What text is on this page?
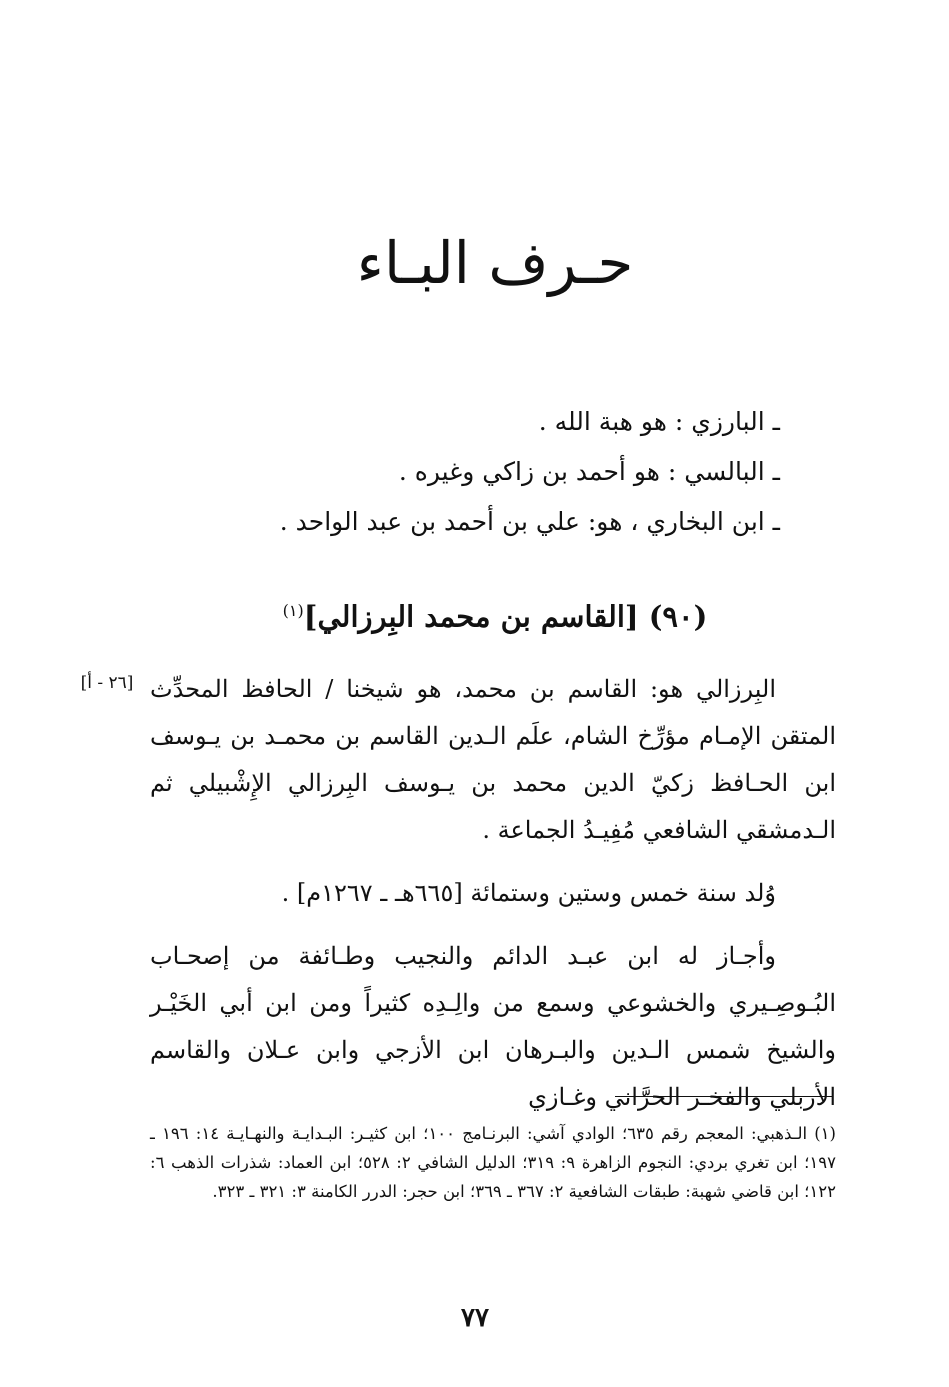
حـرف البـاء
ـ البارزي : هو هبة الله .
ـ البالسي : هو أحمد بن زاكي وغيره .
ـ ابن البخاري ، هو: علي بن أحمد بن عبد الواحد .
(٩٠) [القاسم بن محمد البِرزالي]$^{(١)}$
[٢٦ - أ] البِرزالي هو: القاسم بن محمد، هو شيخنا / الحافظ المحدِّث المتقن الإمـام مؤرِّخ الشام، علَم الـدين القاسم بن محمـد بن يـوسف ابن الحـافظ زكيّ الدين محمد بن يـوسف البِرزالي الإِشْبيلي ثم الـدمشقي الشافعي مُفِيـدُ الجماعة .

وُلد سنة خمس وستين وستمائة [٦٦٥هـ ـ ١٢٦٧م] .

وأجـاز له ابن عبـد الدائم والنجيب وطـائفة من إصحـاب البُـوصِـيري والخشوعي وسمع من والِـدِه كثيراً ومن ابن أبي الخَيْـر والشيخ شمس الـدين والبـرهان ابن الأزجي وابن عـلان والقاسم الأربلي والفخـر الحرَّاني وغـازي

(١) الـذهبي: المعجم رقم ٦٣٥؛ الوادي آشي: البرنـامج ١٠٠؛ ابن كثيـر: البـدايـة والنهـايـة ١٤: ١٩٦ ـ ١٩٧؛ ابن تغري بردي: النجوم الزاهرة ٩: ٣١٩؛ الدليل الشافي ٢: ٥٢٨؛ ابن العماد: شذرات الذهب ٦: ١٢٢؛ ابن قاضي شهبة: طبقات الشافعية ٢: ٣٦٧ ـ ٣٦٩؛ ابن حجر: الدرر الكامنة ٣: ٣٢١ ـ ٣٢٣.

٧٧
